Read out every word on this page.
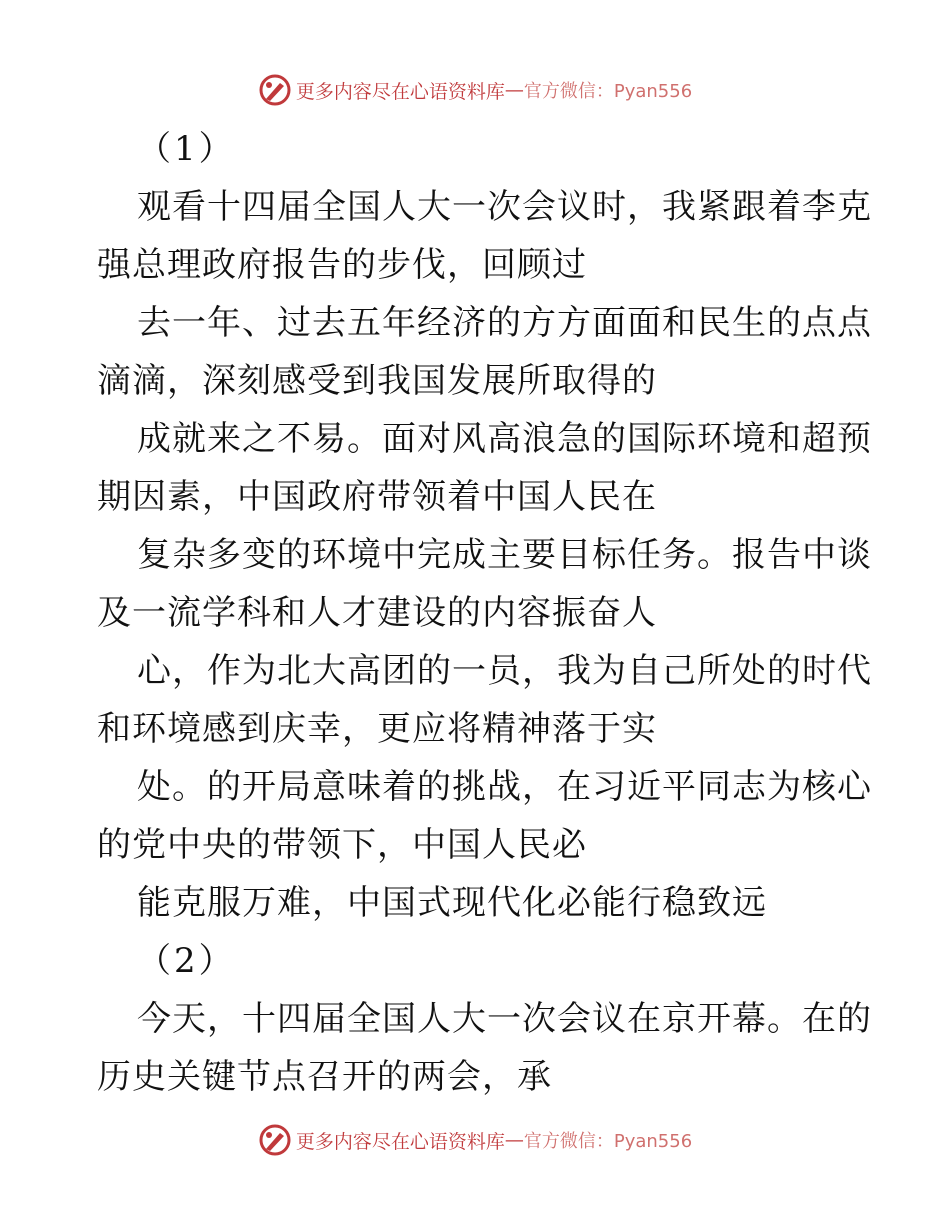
更多内容尽在心语资料库 — 官方微信：Pyan556
（1）
观看十四届全国人大一次会议时，我紧跟着李克
强总理政府报告的步伐，回顾过
去一年、过去五年经济的方方面面和民生的点点
滴滴，深刻感受到我国发展所取得的
成就来之不易。面对风高浪急的国际环境和超预
期因素，中国政府带领着中国人民在
复杂多变的环境中完成主要目标任务。报告中谈
及一流学科和人才建设的内容振奋人
心，作为北大高团的一员，我为自己所处的时代
和环境感到庆幸，更应将精神落于实
处。的开局意味着的挑战，在习近平同志为核心
的党中央的带领下，中国人民必
能克服万难，中国式现代化必能行稳致远
（2）
今天，十四届全国人大一次会议在京开幕。在的
历史关键节点召开的两会，承
更多内容尽在心语资料库 — 官方微信：Pyan556
